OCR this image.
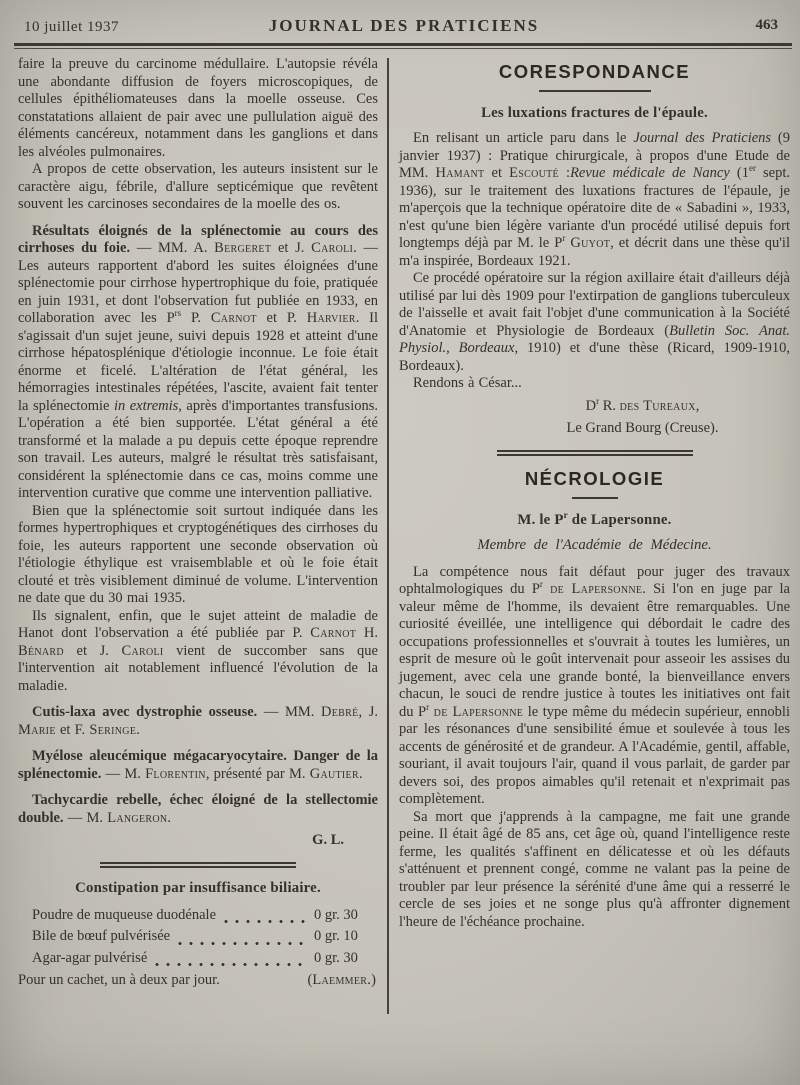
10 juillet 1937	JOURNAL DES PRATICIENS	463

faire la preuve du carcinome médullaire. L'autopsie révéla une abondante diffusion de foyers microscopiques, de cellules épithéliomateuses dans la moelle osseuse. Ces constatations allaient de pair avec une pullulation aiguë des éléments cancéreux, notamment dans les ganglions et dans les alvéoles pulmonaires.

A propos de cette observation, les auteurs insistent sur le caractère aigu, fébrile, d'allure septicémique que revêtent souvent les carcinoses secondaires de la moelle des os.

Résultats éloignés de la splénectomie au cours des cirrhoses du foie. — MM. A. Bergeret et J. Caroli. — Les auteurs rapportent d'abord les suites éloignées d'une splénectomie pour cirrhose hypertrophique du foie, pratiquée en juin 1931, et dont l'observation fut publiée en 1933, en collaboration avec les $P^{rs}$ P. Carnot et P. Harvier. Il s'agissait d'un sujet jeune, suivi depuis 1928 et atteint d'une cirrhose hépatosplénique d'étiologie inconnue. Le foie était énorme et ficelé. L'altération de l'état général, les hémorragies intestinales répétées, l'ascite, avaient fait tenter la splénectomie in extremis, après d'importantes transfusions. L'opération a été bien supportée. L'état général a été transformé et la malade a pu depuis cette époque reprendre son travail. Les auteurs, malgré le résultat très satisfaisant, considérent la splénectomie dans ce cas, moins comme une intervention curative que comme une intervention palliative.

Bien que la splénectomie soit surtout indiquée dans les formes hypertrophiques et cryptogénétiques des cirrhoses du foie, les auteurs rapportent une seconde observation où l'étiologie éthylique est vraisemblable et où le foie était clouté et très visiblement diminué de volume. L'intervention ne date que du 30 mai 1935.

Ils signalent, enfin, que le sujet atteint de maladie de Hanot dont l'observation a été publiée par P. Carnot H. Bénard et J. Caroli vient de succomber sans que l'intervention ait notablement influencé l'évolution de la maladie.

Cutis-laxa avec dystrophie osseuse. — MM. Debré, J. Marie et F. Seringe.

Myélose aleucémique mégacaryocytaire. Danger de la splénectomie. — M. Florentin, présenté par M. Gautier.

Tachycardie rebelle, échec éloigné de la stellectomie double. — M. Langeron.

G. L.

Constipation par insuffisance biliaire.
Poudre de muqueuse duodénale	0 gr. 30
Bile de bœuf pulvérisée	0 gr. 10
Agar-agar pulvérisé	0 gr. 30
Pour un cachet, un à deux par jour.	(Laemmer.)
CORESPONDANCE
Les luxations fractures de l'épaule.

En relisant un article paru dans le Journal des Praticiens (9 janvier 1937) : Pratique chirurgicale, à propos d'une Etude de MM. Hamant et Escouté :Revue médicale de Nancy (1er sept. 1936), sur le traitement des luxations fractures de l'épaule, je m'aperçois que la technique opératoire dite de « Sabadini », 1933, n'est qu'une bien légère variante d'un procédé utilisé depuis fort longtemps déjà par M. le $P^r$ Guyot, et décrit dans une thèse qu'il m'a inspirée, Bordeaux 1921.

Ce procédé opératoire sur la région axillaire était d'ailleurs déjà utilisé par lui dès 1909 pour l'extirpation de ganglions tuberculeux de l'aisselle et avait fait l'objet d'une communication à la Société d'Anatomie et Physiologie de Bordeaux (Bulletin Soc. Anat. Physiol., Bordeaux, 1910) et d'une thèse (Ricard, 1909-1910, Bordeaux).

Rendons à César...

$D^r$ R. des Tureaux,

Le Grand Bourg (Creuse).

NÉCROLOGIE
M. le $P^r$ de Lapersonne.

Membre de l'Académie de Médecine.

La compétence nous fait défaut pour juger des travaux ophtalmologiques du $P^r$ de Lapersonne. Si l'on en juge par la valeur même de l'homme, ils devaient être remarquables. Une curiosité éveillée, une intelligence qui débordait le cadre des occupations professionnelles et s'ouvrait à toutes les lumières, un esprit de mesure où le goût intervenait pour asseoir les assises du jugement, avec cela une grande bonté, la bienveillance envers chacun, le souci de rendre justice à toutes les initiatives ont fait du $P^r$ de Lapersonne le type même du médecin supérieur, ennobli par les résonances d'une sensibilité émue et soulevée à tous les accents de générosité et de grandeur. A l'Académie, gentil, affable, souriant, il avait toujours l'air, quand il vous parlait, de garder par devers soi, des propos aimables qu'il retenait et n'exprimait pas complètement.

Sa mort que j'apprends à la campagne, me fait une grande peine. Il était âgé de 85 ans, cet âge où, quand l'intelligence reste ferme, les qualités s'affinent en délicatesse et où les défauts s'atténuent et prennent congé, comme ne valant pas la peine de troubler par leur présence la sérénité d'une âme qui a resserré le cercle de ses joies et ne songe plus qu'à affronter dignement l'heure de l'échéance prochaine.
